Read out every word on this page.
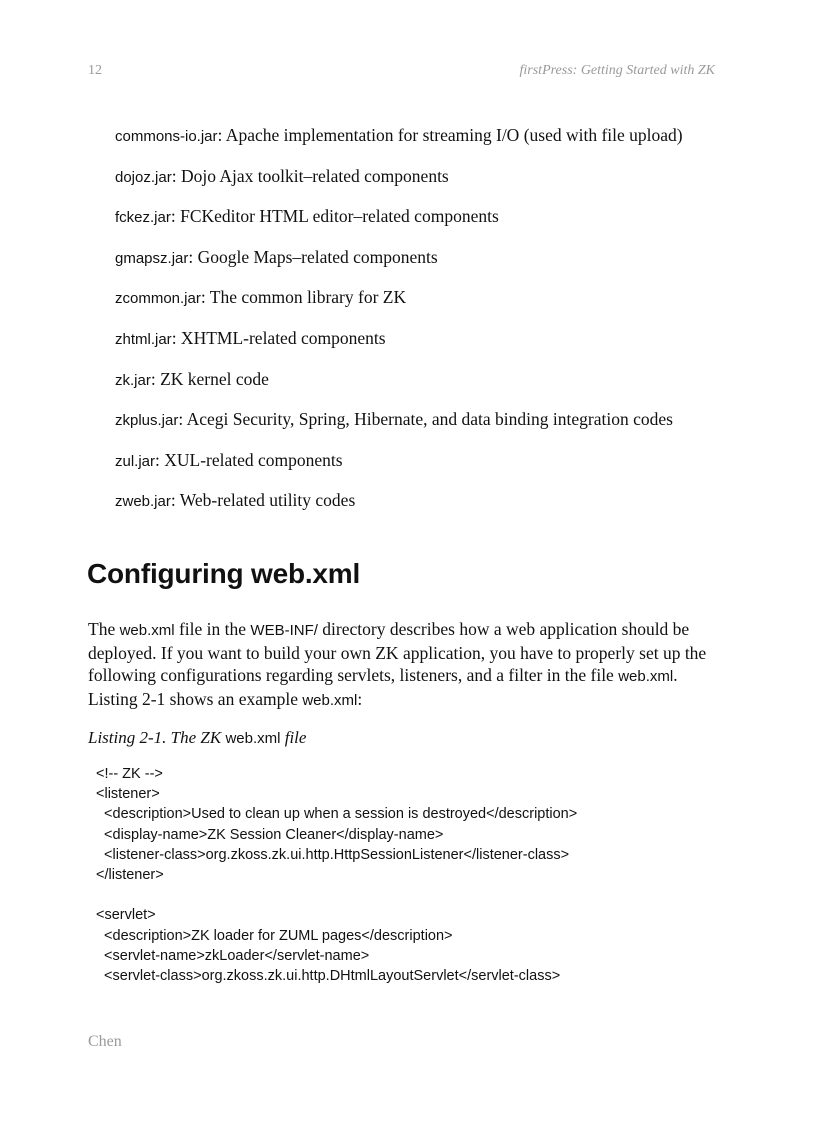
12	firstPress: Getting Started with ZK
commons-io.jar: Apache implementation for streaming I/O (used with file upload)
dojoz.jar: Dojo Ajax toolkit–related components
fckez.jar: FCKeditor HTML editor–related components
gmapsz.jar: Google Maps–related components
zcommon.jar: The common library for ZK
zhtml.jar: XHTML-related components
zk.jar: ZK kernel code
zkplus.jar: Acegi Security, Spring, Hibernate, and data binding integration codes
zul.jar: XUL-related components
zweb.jar: Web-related utility codes
Configuring web.xml

The web.xml file in the WEB-INF/ directory describes how a web application should be deployed. If you want to build your own ZK application, you have to properly set up the following configurations regarding servlets, listeners, and a filter in the file web.xml. Listing 2-1 shows an example web.xml:

Listing 2-1. The ZK web.xml file

<!-- ZK -->
<listener>
<description>Used to clean up when a session is destroyed</description>
<display-name>ZK Session Cleaner</display-name>
<listener-class>org.zkoss.zk.ui.http.HttpSessionListener</listener-class>
</listener>
<servlet>
<description>ZK loader for ZUML pages</description>
<servlet-name>zkLoader</servlet-name>
<servlet-class>org.zkoss.zk.ui.http.DHtmlLayoutServlet</servlet-class>
Chen
